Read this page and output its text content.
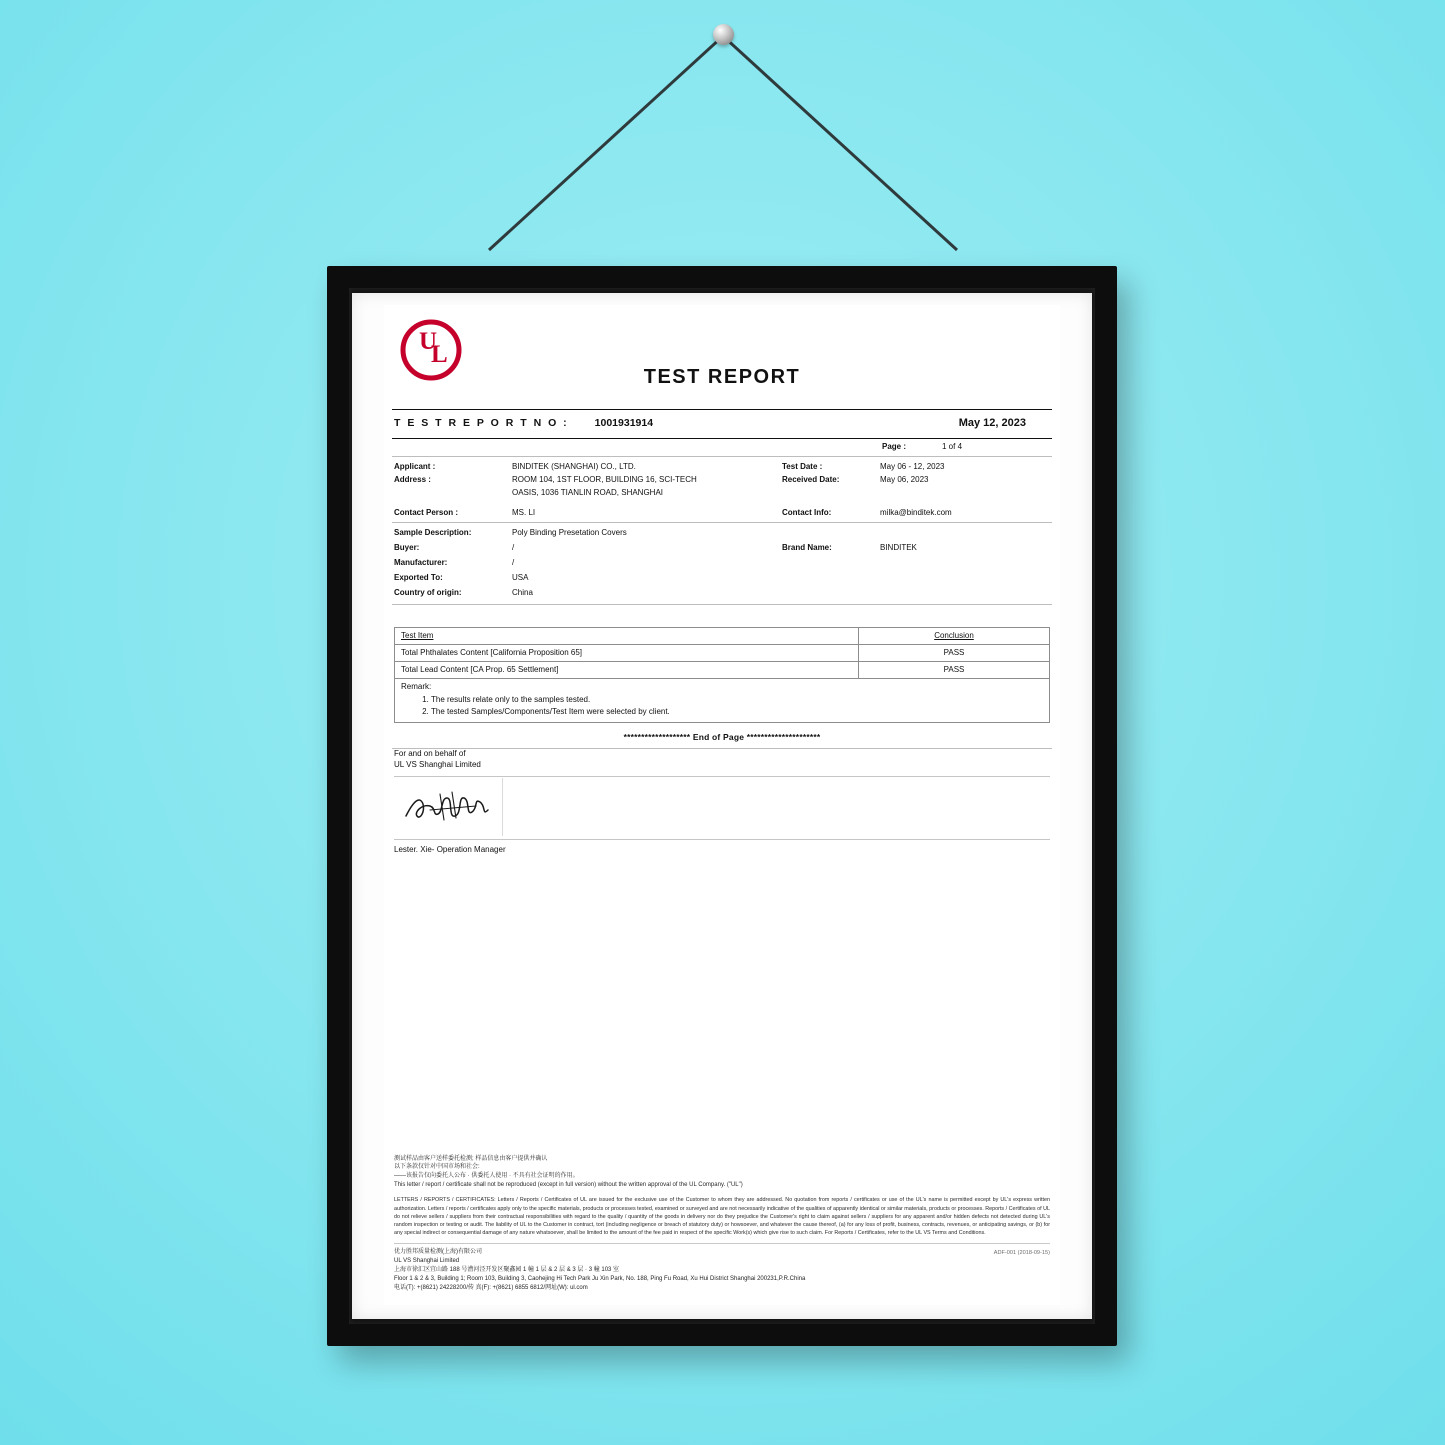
U
L
TEST REPORT
T E S T R E P O R T N O : 1001931914	May 12, 2023
Page :	1 of 4
Applicant :	BINDITEK (SHANGHAI) CO., LTD.	Test Date :	May 06 - 12, 2023
Address :	ROOM 104, 1ST FLOOR, BUILDING 16, SCI-TECH	Received Date:	May 06, 2023
OASIS, 1036 TIANLIN ROAD, SHANGHAI
Contact Person :	MS. LI	Contact Info:	milka@binditek.com
Sample Description:	Poly Binding Presetation Covers
Buyer:	/	Brand Name:	BINDITEK
Manufacturer:	/
Exported To:	USA
Country of origin:	China
Test Item	Conclusion
Total Phthalates Content [California Proposition 65]	PASS
Total Lead Content [CA Prop. 65 Settlement]	PASS

Remark:
1. The results relate only to the samples tested.
2. The tested Samples/Components/Test Item were selected by client.
******************* End of Page *********************
For and on behalf of
UL VS Shanghai Limited
Lester. Xie- Operation Manager
测试样品由客户送样委托检测; 样品信息由客户提供并确认
以下条款仅针对中国市场和社会:
——该报告仅向委托人公布 · 供委托人使用 · 不具有社会证明的作用。
This letter / report / certificate shall not be reproduced (except in full version) without the written approval of the UL Company. ("UL")
LETTERS / REPORTS / CERTIFICATES: Letters / Reports / Certificates of UL are issued for the exclusive use of the Customer to whom they are addressed. No quotation from reports / certificates or use of the UL's name is permitted except by UL's express written authorization. Letters / reports / certificates apply only to the specific materials, products or processes tested, examined or surveyed and are not necessarily indicative of the qualities of apparently identical or similar materials, products or processes. Reports / Certificates of UL do not relieve sellers / suppliers from their contractual responsibilities with regard to the quality / quantity of the goods in delivery nor do they prejudice the Customer's right to claim against sellers / suppliers for any apparent and/or hidden defects not detected during UL's random inspection or testing or audit. The liability of UL to the Customer in contract, tort (including negligence or breach of statutory duty) or howsoever, and whatever the cause thereof, (a) for any loss of profit, business, contracts, revenues, or anticipating savings, or (b) for any special indirect or consequential damage of any nature whatsoever, shall be limited to the amount of the fee paid in respect of the specific Work(s) which give rise to such claim. For Reports / Certificates, refer to the UL VS Terms and Conditions.
优力胜邦质量检测(上海)有限公司
UL VS Shanghai Limited
上海市徐汇区宜山路 188 号漕河泾开发区聚鑫园 1 幢 1 层 & 2 层 & 3 层 · 3 幢 103 室
Floor 1 & 2 & 3, Building 1; Room 103, Building 3, Caohejing Hi Tech Park Ju Xin Park, No. 188, Ping Fu Road, Xu Hui District Shanghai 200231,P.R.China
电话(T): +(8621) 24228200/传 真(F): +(8621) 6855 6812/网址(W): ul.com
ADF-001 (2018-09-15)
